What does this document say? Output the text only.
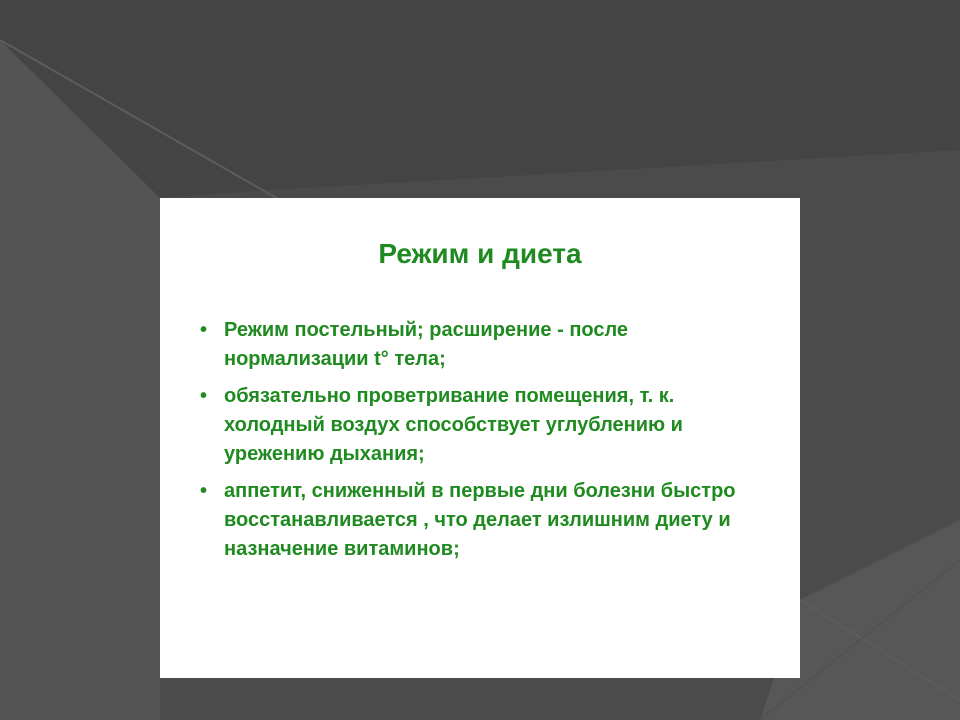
Режим и диета
• Режим постельный; расширение - после нормализации t° тела;
• обязательно проветривание помещения, т. к. холодный воздух способствует углублению и урежению дыхания;
• аппетит, сниженный в первые дни болезни быстро восстанавливается , что делает излишним диету и назначение витаминов;
